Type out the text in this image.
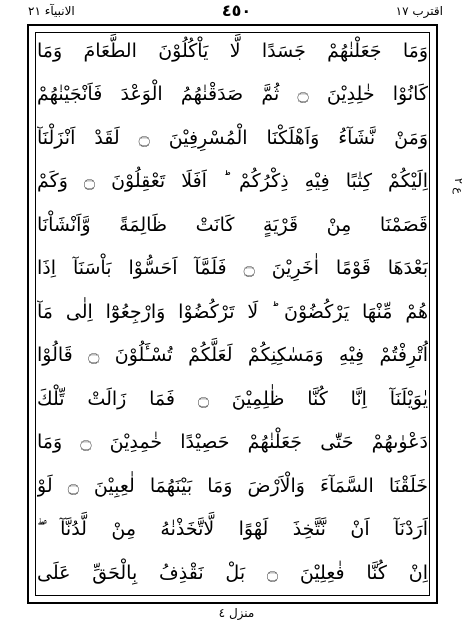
الانبيآء ٢١	٤٥٠	اقترب ١٧
وَمَا جَعَلْنٰهُمْ جَسَدًا لَّا يَاْكُلُوْنَ الطَّعَامَ وَمَا
كَانُوْا خٰلِدِيْنَ ۝ ثُمَّ صَدَقْنٰهُمُ الْوَعْدَ فَاَنْجَيْنٰهُمْ
وَمَنْ نَّشَآءُ وَاَهْلَكْنَا الْمُسْرِفِيْنَ ۝ لَقَدْ اَنْزَلْنَآ
اِلَيْكُمْ كِتٰبًا فِيْهِ ذِكْرُكُمْ ؕ اَفَلَا تَعْقِلُوْنَ ۝ وَكَمْ
قَصَمْنَا مِنْ قَرْيَةٍ كَانَتْ ظَالِمَةً وَّاَنْشَاْنَا
بَعْدَهَا قَوْمًا اٰخَرِيْنَ ۝ فَلَمَّآ اَحَسُّوْا بَاْسَنَآ اِذَا
هُمْ مِّنْهَا يَرْكُضُوْنَ ؕ لَا تَرْكُضُوْا وَارْجِعُوْٓا اِلٰى مَآ
اُتْرِفْتُمْ فِيْهِ وَمَسٰكِنِكُمْ لَعَلَّكُمْ تُسْـَٔلُوْنَ ۝ قَالُوْا
يٰوَيْلَنَآ اِنَّا كُنَّا ظٰلِمِيْنَ ۝ فَمَا زَالَتْ تِّلْكَ
دَعْوٰىهُمْ حَتّٰى جَعَلْنٰهُمْ حَصِيْدًا خٰمِدِيْنَ ۝ وَمَا
خَلَقْنَا السَّمَآءَ وَالْاَرْضَ وَمَا بَيْنَهُمَا لٰعِبِيْنَ ۝ لَوْ
اَرَدْنَآ اَنْ نَّتَّخِذَ لَهْوًا لَّاتَّخَذْنٰهُ مِنْ لَّدُنَّآ ۖ
اِنْ كُنَّا فٰعِلِيْنَ ۝ بَلْ نَقْذِفُ بِالْحَقِّ عَلَى
ع ٢
منزل ٤
